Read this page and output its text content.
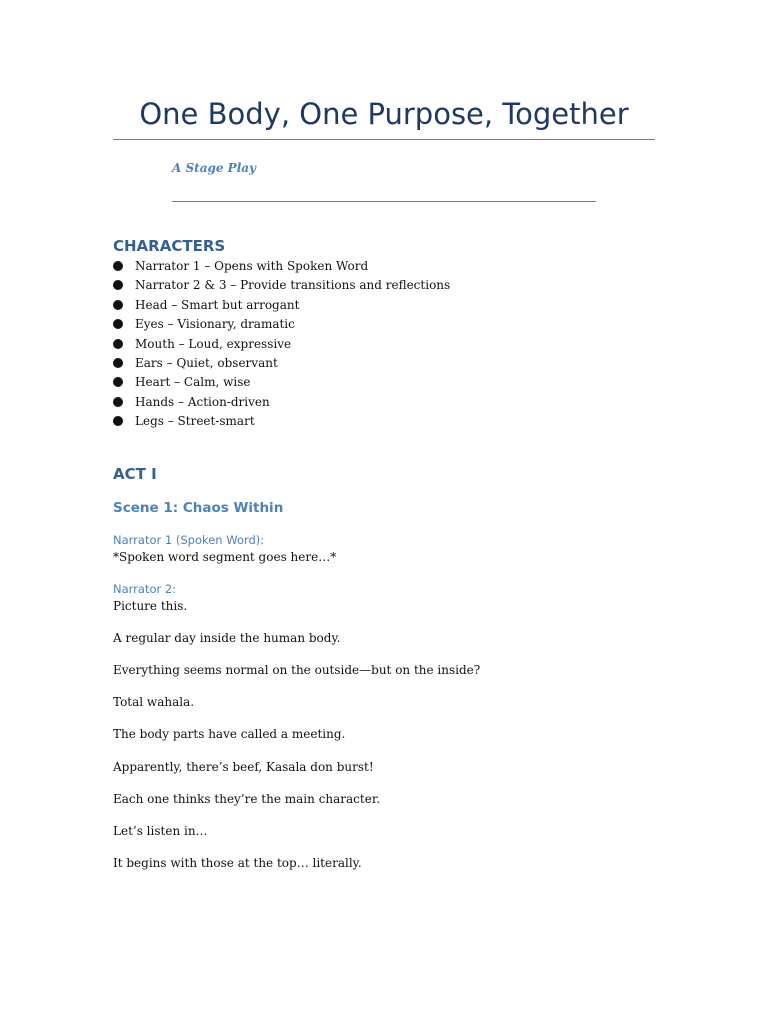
One Body, One Purpose, Together

A Stage Play

CHARACTERS
Narrator 1 – Opens with Spoken Word
Narrator 2 & 3 – Provide transitions and reflections
Head – Smart but arrogant
Eyes – Visionary, dramatic
Mouth – Loud, expressive
Ears – Quiet, observant
Heart – Calm, wise
Hands – Action-driven
Legs – Street-smart
ACT I
Scene 1: Chaos Within

Narrator 1 (Spoken Word):

*Spoken word segment goes here…*

Narrator 2:

Picture this.

A regular day inside the human body.

Everything seems normal on the outside—but on the inside?

Total wahala.

The body parts have called a meeting.

Apparently, there’s beef, Kasala don burst!

Each one thinks they’re the main character.

Let’s listen in…

It begins with those at the top… literally.
